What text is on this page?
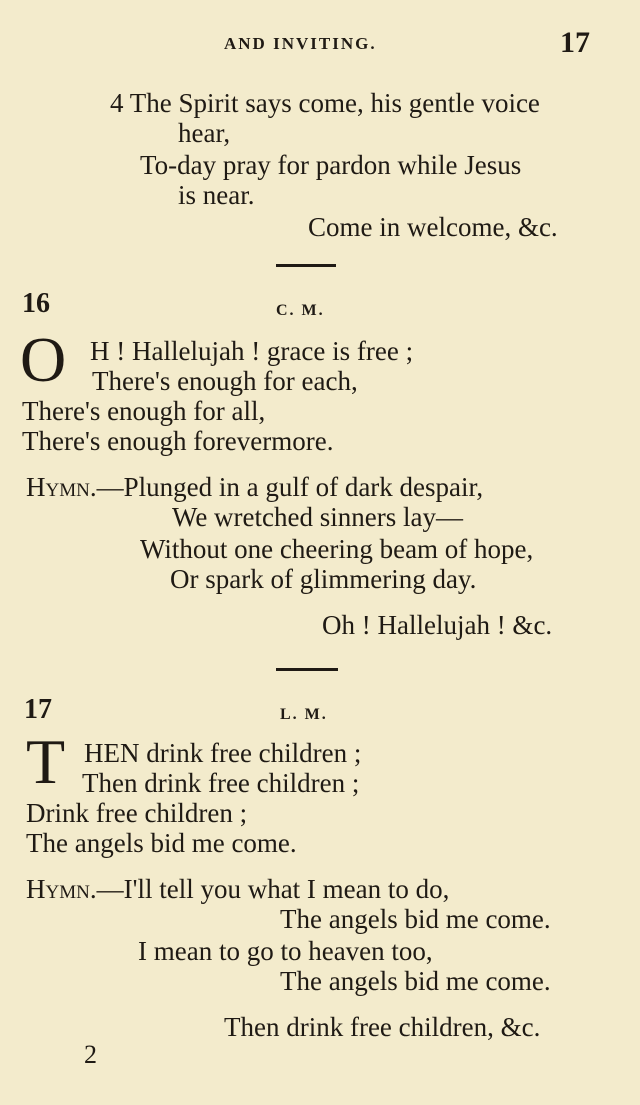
AND INVITING.	17
4 The Spirit says come, his gentle voice
hear,
To-day pray for pardon while Jesus
is near.
Come in welcome, &c.
16	C. M.
O H ! Hallelujah ! grace is free ;
There's enough for each,
There's enough for all,
There's enough forevermore.
Hymn.—Plunged in a gulf of dark despair,
We wretched sinners lay—
Without one cheering beam of hope,
Or spark of glimmering day.
Oh ! Hallelujah ! &c.
17	L. M.
T HEN drink free children ;
Then drink free children ;
Drink free children ;
The angels bid me come.
Hymn.—I'll tell you what I mean to do,
The angels bid me come.
I mean to go to heaven too,
The angels bid me come.
Then drink free children, &c.
2
